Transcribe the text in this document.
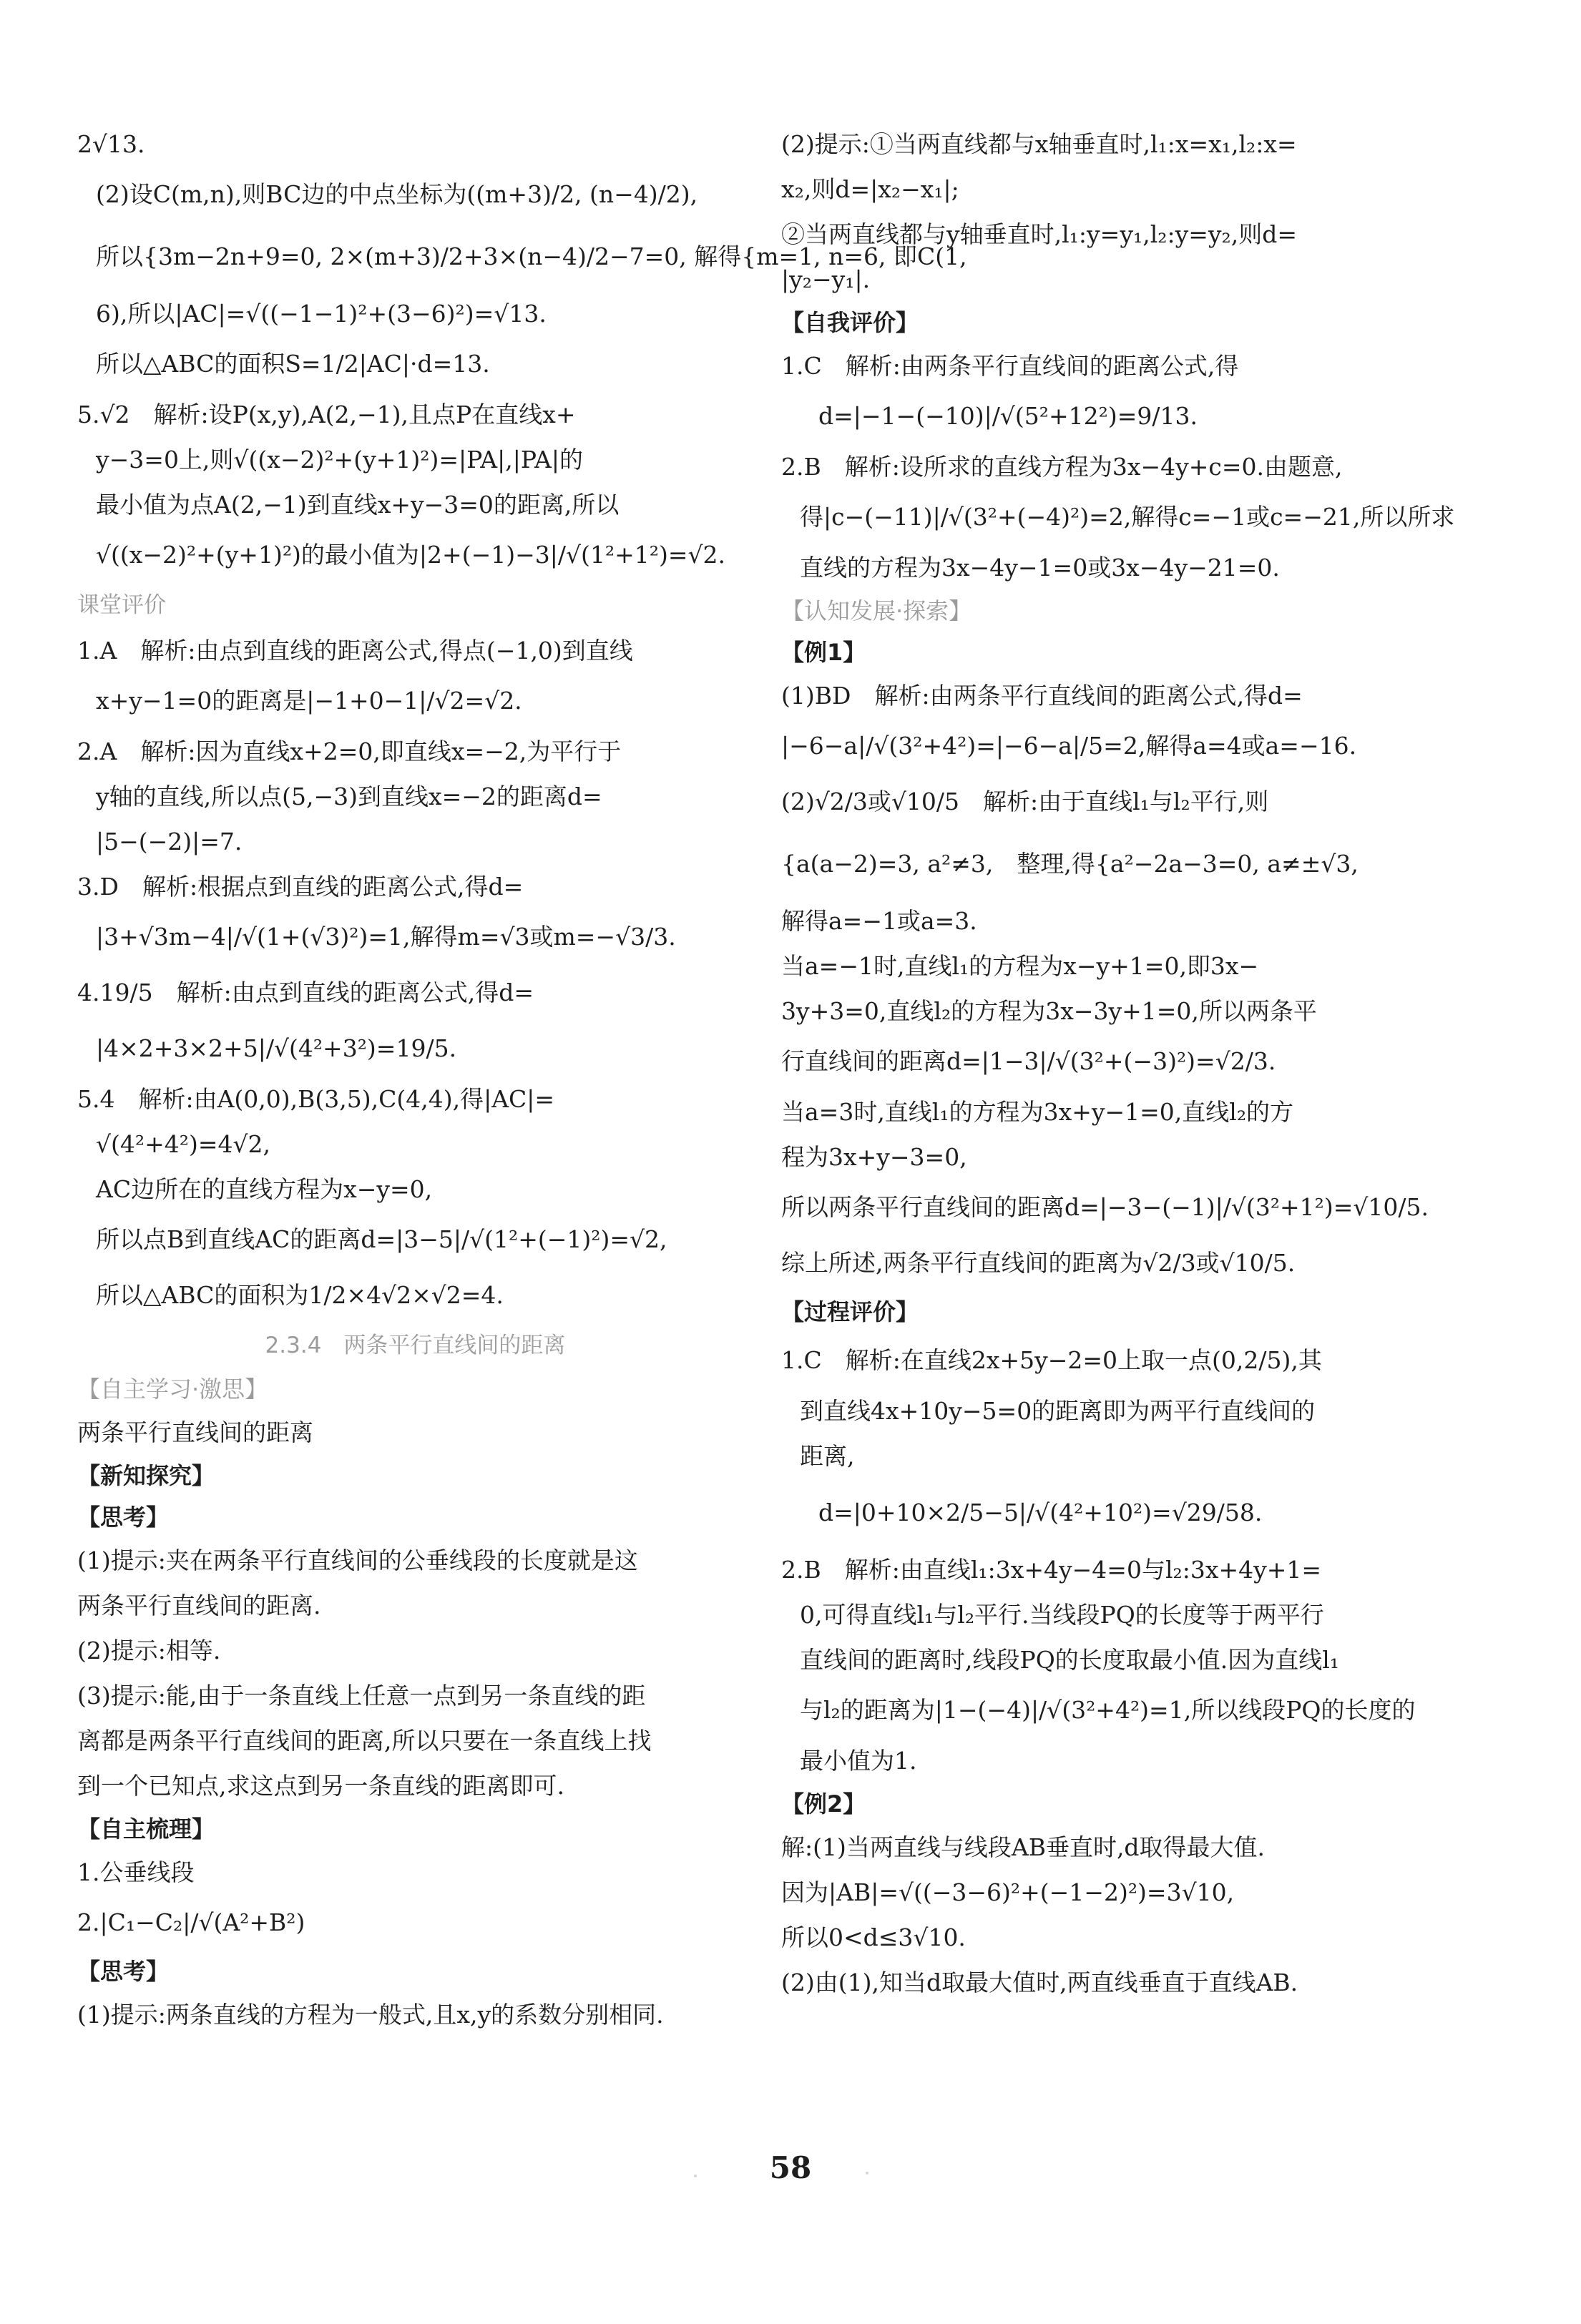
2√13.
(2)设C(m,n),则BC边的中点坐标为((m+3)/2, (n−4)/2),
所以{3m−2n+9=0, 2×(m+3)/2+3×(n−4)/2−7=0, 解得{m=1, n=6, 即C(1,
6),所以|AC|=√((−1−1)²+(3−6)²)=√13.
所以△ABC的面积S=1/2|AC|·d=13.
5.√2　解析:设P(x,y),A(2,−1),且点P在直线x+
y−3=0上,则√((x−2)²+(y+1)²)=|PA|,|PA|的
最小值为点A(2,−1)到直线x+y−3=0的距离,所以
√((x−2)²+(y+1)²)的最小值为|2+(−1)−3|/√(1²+1²)=√2.
课堂评价
1.A　解析:由点到直线的距离公式,得点(−1,0)到直线
x+y−1=0的距离是|−1+0−1|/√2=√2.
2.A　解析:因为直线x+2=0,即直线x=−2,为平行于
y轴的直线,所以点(5,−3)到直线x=−2的距离d=
|5−(−2)|=7.
3.D　解析:根据点到直线的距离公式,得d=
|3+√3m−4|/√(1+(√3)²)=1,解得m=√3或m=−√3/3.
4.19/5　解析:由点到直线的距离公式,得d=
|4×2+3×2+5|/√(4²+3²)=19/5.
5.4　解析:由A(0,0),B(3,5),C(4,4),得|AC|=
√(4²+4²)=4√2,
AC边所在的直线方程为x−y=0,
所以点B到直线AC的距离d=|3−5|/√(1²+(−1)²)=√2,
所以△ABC的面积为1/2×4√2×√2=4.
2.3.4　两条平行直线间的距离
【自主学习·激思】
两条平行直线间的距离
【新知探究】
【思考】
(1)提示:夹在两条平行直线间的公垂线段的长度就是这
两条平行直线间的距离.
(2)提示:相等.
(3)提示:能,由于一条直线上任意一点到另一条直线的距
离都是两条平行直线间的距离,所以只要在一条直线上找
到一个已知点,求这点到另一条直线的距离即可.
【自主梳理】
1.公垂线段
2.|C₁−C₂|/√(A²+B²)
【思考】
(1)提示:两条直线的方程为一般式,且x,y的系数分别相同.
(2)提示:①当两直线都与x轴垂直时,l₁:x=x₁,l₂:x=
x₂,则d=|x₂−x₁|;
②当两直线都与y轴垂直时,l₁:y=y₁,l₂:y=y₂,则d=
|y₂−y₁|.
【自我评价】
1.C　解析:由两条平行直线间的距离公式,得
d=|−1−(−10)|/√(5²+12²)=9/13.
2.B　解析:设所求的直线方程为3x−4y+c=0.由题意,
得|c−(−11)|/√(3²+(−4)²)=2,解得c=−1或c=−21,所以所求
直线的方程为3x−4y−1=0或3x−4y−21=0.
【认知发展·探索】
【例1】
(1)BD　解析:由两条平行直线间的距离公式,得d=
|−6−a|/√(3²+4²)=|−6−a|/5=2,解得a=4或a=−16.
(2)√2/3或√10/5　解析:由于直线l₁与l₂平行,则
{a(a−2)=3, a²≠3,　整理,得{a²−2a−3=0, a≠±√3,
解得a=−1或a=3.
当a=−1时,直线l₁的方程为x−y+1=0,即3x−
3y+3=0,直线l₂的方程为3x−3y+1=0,所以两条平
行直线间的距离d=|1−3|/√(3²+(−3)²)=√2/3.
当a=3时,直线l₁的方程为3x+y−1=0,直线l₂的方
程为3x+y−3=0,
所以两条平行直线间的距离d=|−3−(−1)|/√(3²+1²)=√10/5.
综上所述,两条平行直线间的距离为√2/3或√10/5.
【过程评价】
1.C　解析:在直线2x+5y−2=0上取一点(0,2/5),其
到直线4x+10y−5=0的距离即为两平行直线间的
距离,
d=|0+10×2/5−5|/√(4²+10²)=√29/58.
2.B　解析:由直线l₁:3x+4y−4=0与l₂:3x+4y+1=
0,可得直线l₁与l₂平行.当线段PQ的长度等于两平行
直线间的距离时,线段PQ的长度取最小值.因为直线l₁
与l₂的距离为|1−(−4)|/√(3²+4²)=1,所以线段PQ的长度的
最小值为1.
【例2】
解:(1)当两直线与线段AB垂直时,d取得最大值.
因为|AB|=√((−3−6)²+(−1−2)²)=3√10,
所以0<d≤3√10.
(2)由(1),知当d取最大值时,两直线垂直于直线AB.
58
